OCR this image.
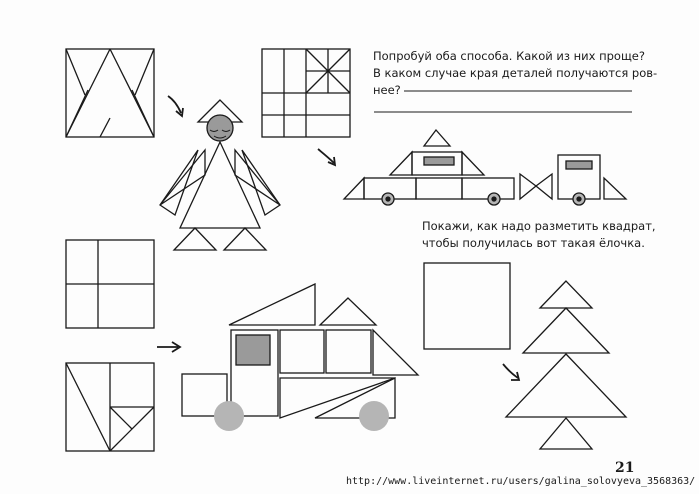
Попробуй оба способа. Какой из них проще?
В каком случае края деталей получаются ров-
нее?
Покажи, как надо разметить квадрат,
чтобы получилась вот такая ёлочка.
21
http://www.liveinternet.ru/users/galina_solovyeva_3568363/
